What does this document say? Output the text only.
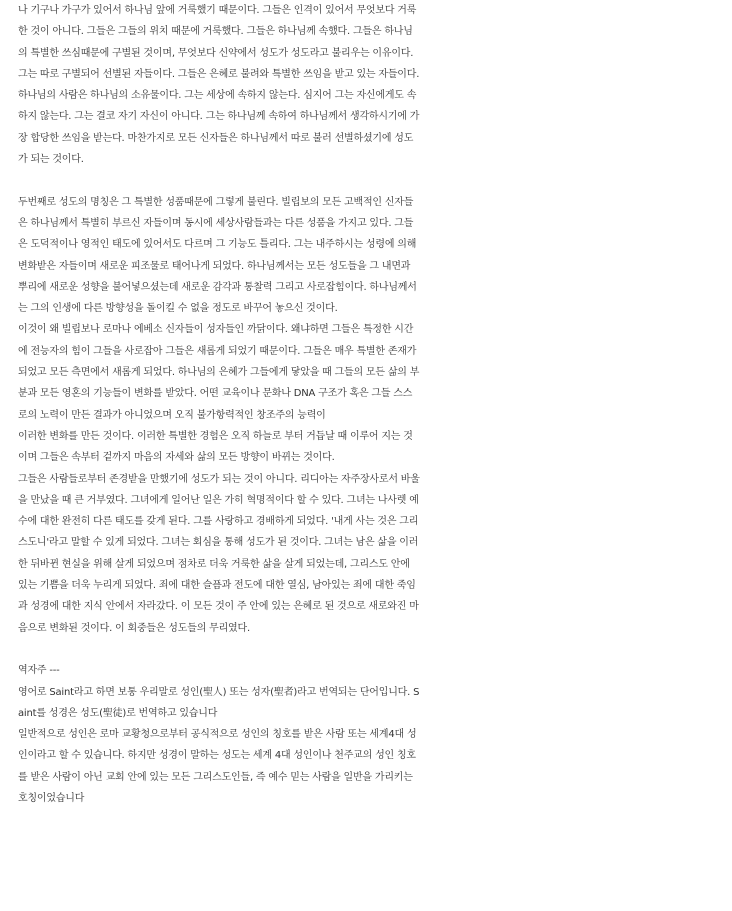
나 기구나 가구가 있어서 하나님 앞에 거룩했기 때문이다. 그들은 인격이 있어서 무엇보다 거룩
한 것이 아니다. 그들은 그들의 위치 때문에 거룩했다. 그들은 하나님께 속했다. 그들은 하나님
의 특별한 쓰심때문에 구별된 것이며, 무엇보다 신약에서 성도가 성도라고 불리우는 이유이다.
그는 따로 구별되어 선별된 자들이다. 그들은 은혜로 불려와 특별한 쓰임을 받고 있는 자들이다.
하나님의 사람은 하나님의 소유물이다. 그는 세상에 속하지 않는다. 심지어 그는 자신에게도 속
하지 않는다. 그는 결코 자기 자신이 아니다. 그는 하나님께 속하여 하나님께서 생각하시기에 가
장 합당한 쓰임을 받는다. 마찬가지로 모든 신자들은 하나님께서 따로 불러 선별하셨기에 성도
가 되는 것이다.
두번째로 성도의 명칭은 그 특별한 성품때문에 그렇게 불린다. 빌립보의 모든 고백적인 신자들
은 하나님께서 특별히 부르신 자들이며 동시에 세상사람들과는 다른 성품을 가지고 있다. 그들
은 도덕적이나 영적인 태도에 있어서도 다르며 그 기능도 틀리다. 그는 내주하시는 성령에 의해
변화받은 자들이며 새로운 피조물로 태어나게 되었다. 하나님께서는 모든 성도들을 그 내면과
뿌리에 새로운 성향을 불어넣으셨는데 새로운 감각과 통찰력 그리고 사로잡힘이다. 하나님께서
는 그의 인생에 다른 방향성을 돌이킬 수 없을 정도로 바꾸어 놓으신 것이다.
이것이 왜 빌립보나 로마나 에베소 신자들이 성자들인 까닭이다. 왜냐하면 그들은 특정한 시간
에 전능자의 힘이 그들을 사로잡아 그들은 새롭게 되었기 때문이다. 그들은 매우 특별한 존재가
되었고 모든 측면에서 새롭게 되었다. 하나님의 은혜가 그들에게 닿았을 때 그들의 모든 삶의 부
분과 모든 영혼의 기능들이 변화를 받았다. 어떤 교육이나 문화나 DNA 구조가 혹은 그들 스스
로의 노력이 만든 결과가 아니었으며 오직 불가항력적인 창조주의 능력이
이러한 변화를 만든 것이다. 이러한 특별한 경험은 오직 하늘로 부터 거듭날 때 이루어 지는 것
이며 그들은 속부터 겉까지 마음의 자세와 삶의 모든 방향이 바뀌는 것이다.
그들은 사람들로부터 존경받을 만했기에 성도가 되는 것이 아니다. 리디아는 자주장사로서 바울
을 만났을 때 큰 거부였다. 그녀에게 일어난 일은 가히 혁명적이다 할 수 있다. 그녀는 나사렛 예
수에 대한 완전히 다른 태도를 갖게 된다. 그를 사랑하고 경배하게 되었다. '내게 사는 것은 그리
스도니'라고 말할 수 있게 되었다. 그녀는 회심을 통해 성도가 된 것이다. 그녀는 남은 삶을 이러
한 뒤바뀐 현실을 위해 살게 되었으며 점차로 더욱 거룩한 삶을 살게 되었는데, 그리스도 안에
있는 기쁨을 더욱 누리게 되었다. 죄에 대한 슬픔과 전도에 대한 열심, 남아있는 죄에 대한 죽임
과 성경에 대한 지식 안에서 자라갔다. 이 모든 것이 주 안에 있는 은혜로 된 것으로 새로와진 마
음으로 변화된 것이다. 이 회중들은 성도들의 무리였다.
역자주 ---
영어로 Saint라고 하면 보통 우리말로 성인(聖人) 또는 성자(聖者)라고 번역되는 단어입니다. S
aint를 성경은 성도(聖徒)로 번역하고 있습니다
일반적으로 성인은 로마 교황청으로부터 공식적으로 성인의 칭호를 받은 사람 또는 세계4대 성
인이라고 할 수 있습니다. 하지만 성경이 말하는 성도는 세계 4대 성인이나 천주교의 성인 칭호
를 받은 사람이 아닌 교회 안에 있는 모든 그리스도인들, 즉 예수 믿는 사람을 일반을 가리키는
호칭이었습니다
